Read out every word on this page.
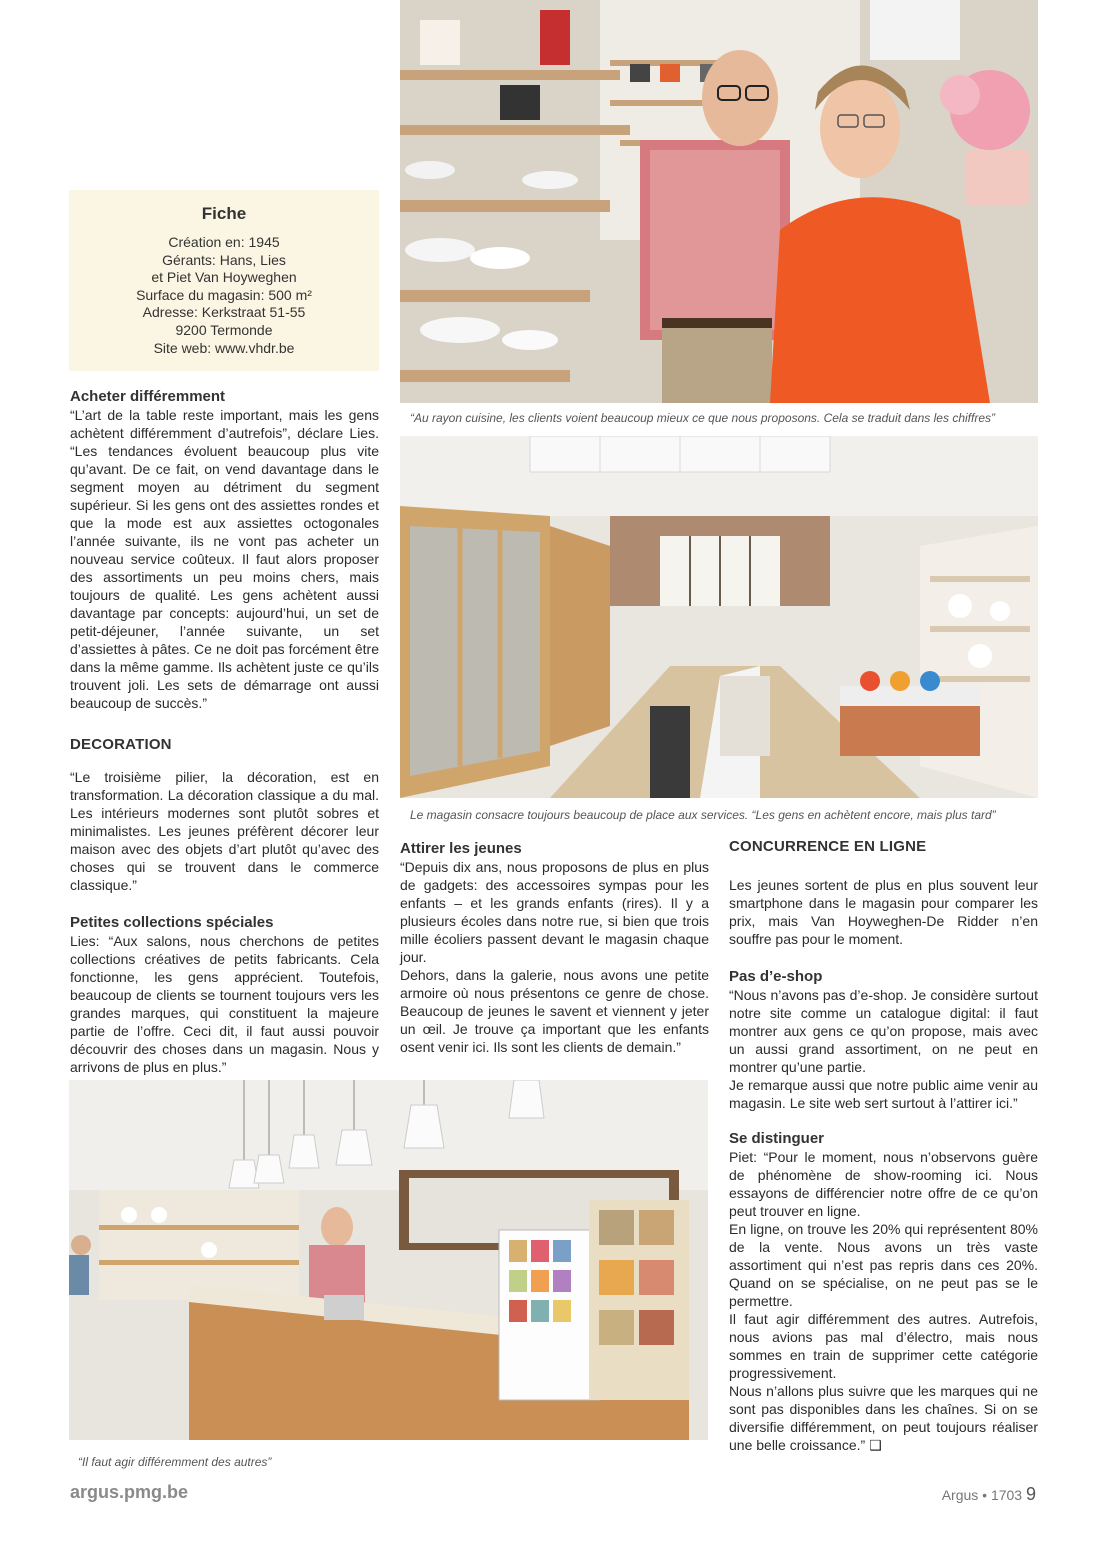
Fiche
Création en: 1945
Gérants: Hans, Lies
et Piet Van Hoyweghen
Surface du magasin: 500 m²
Adresse: Kerkstraat 51-55
9200 Termonde
Site web: www.vhdr.be
“Au rayon cuisine, les clients voient beaucoup mieux ce que nous proposons. Cela se traduit dans les chiffres”
Le magasin consacre toujours beaucoup de place aux services. “Les gens en achètent encore, mais plus tard”
Acheter différemment

“L’art de la table reste important, mais les gens achètent différemment d’autrefois”, déclare Lies. “Les tendances évoluent beaucoup plus vite qu’avant. De ce fait, on vend davantage dans le segment moyen au détriment du segment supérieur. Si les gens ont des assiettes rondes et que la mode est aux assiettes octogonales l’année suivante, ils ne vont pas acheter un nouveau service coûteux. Il faut alors proposer des assortiments un peu moins chers, mais toujours de qualité. Les gens achètent aussi davantage par concepts: aujourd’hui, un set de petit-déjeuner, l’année suivante, un set d’assiettes à pâtes. Ce ne doit pas forcément être dans la même gamme. Ils achètent juste ce qu’ils trouvent joli. Les sets de démarrage ont aussi beaucoup de succès.”

DECORATION

“Le troisième pilier, la décoration, est en transformation. La décoration classique a du mal. Les intérieurs modernes sont plutôt sobres et minimalistes. Les jeunes préfèrent décorer leur maison avec des objets d’art plutôt qu’avec des choses qui se trouvent dans le commerce classique.”

Petites collections spéciales

Lies: “Aux salons, nous cherchons de petites collections créatives de petits fabricants. Cela fonctionne, les gens apprécient. Toutefois, beaucoup de clients se tournent toujours vers les grandes marques, qui constituent la majeure partie de l’offre. Ceci dit, il faut aussi pouvoir découvrir des choses dans un magasin. Nous y arrivons de plus en plus.”

Attirer les jeunes

“Depuis dix ans, nous proposons de plus en plus de gadgets: des accessoires sympas pour les enfants – et les grands enfants (rires). Il y a plusieurs écoles dans notre rue, si bien que trois mille écoliers passent devant le magasin chaque jour.

Dehors, dans la galerie, nous avons une petite armoire où nous présentons ce genre de chose. Beaucoup de jeunes le savent et viennent y jeter un œil. Je trouve ça important que les enfants osent venir ici. Ils sont les clients de demain.”

CONCURRENCE EN LIGNE

Les jeunes sortent de plus en plus souvent leur smartphone dans le magasin pour comparer les prix, mais Van Hoyweghen-De Ridder n’en souffre pas pour le moment.

Pas d’e-shop

“Nous n’avons pas d’e-shop. Je considère surtout notre site comme un catalogue digital: il faut montrer aux gens ce qu’on propose, mais avec un aussi grand assortiment, on ne peut en montrer qu’une partie.

Je remarque aussi que notre public aime venir au magasin. Le site web sert surtout à l’attirer ici.”

Se distinguer

Piet: “Pour le moment, nous n’observons guère de phénomène de show-rooming ici. Nous essayons de différencier notre offre de ce qu’on peut trouver en ligne.

En ligne, on trouve les 20% qui représentent 80% de la vente. Nous avons un très vaste assortiment qui n’est pas repris dans ces 20%. Quand on se spécialise, on ne peut pas se le permettre.

Il faut agir différemment des autres. Autrefois, nous avions pas mal d’électro, mais nous sommes en train de supprimer cette catégorie progressivement.

Nous n’allons plus suivre que les marques qui ne sont pas disponibles dans les chaînes. Si on se diversifie différemment, on peut toujours réaliser une belle croissance.” ❑

“Il faut agir différemment des autres”
argus.pmg.be	Argus • 1703 9
